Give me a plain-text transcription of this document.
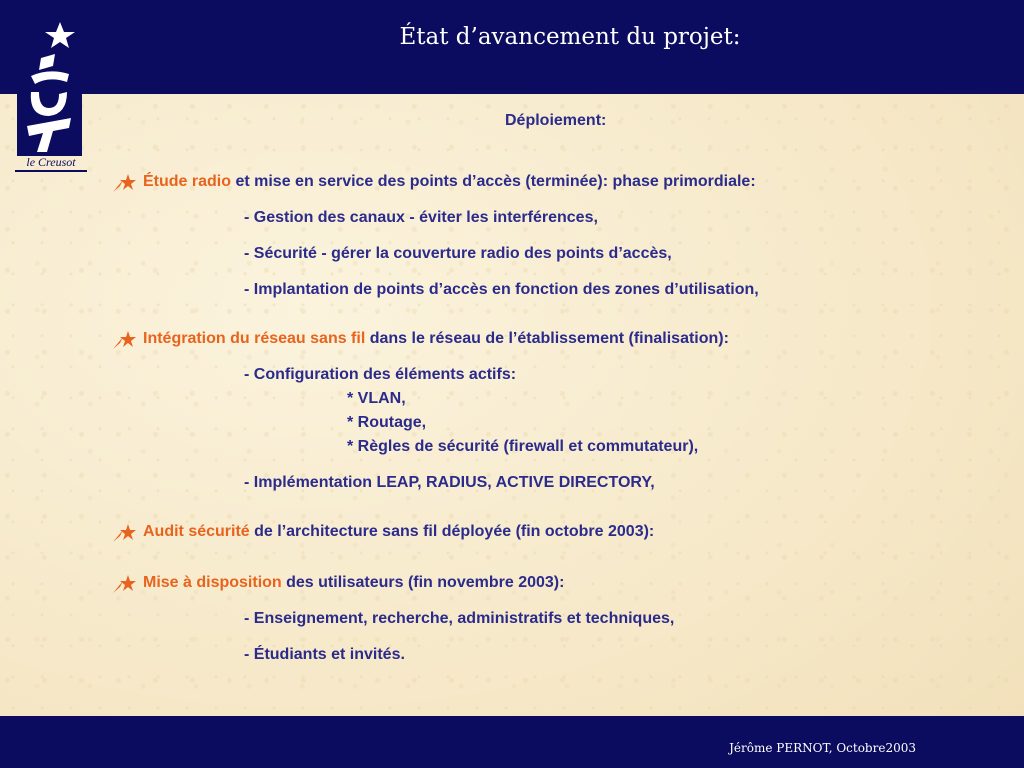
État d’avancement du projet:
le Creusot
Déploiement:
Étude radio et mise en service des points d’accès (terminée): phase primordiale:
- Gestion des canaux - éviter les interférences,
- Sécurité - gérer la couverture radio des points d’accès,
- Implantation de points d’accès en fonction des zones d’utilisation,
Intégration du réseau sans fil dans le réseau de l’établissement (finalisation):
- Configuration des éléments actifs:
* VLAN,
* Routage,
* Règles de sécurité (firewall et commutateur),
- Implémentation LEAP, RADIUS, ACTIVE DIRECTORY,
Audit sécurité de l’architecture sans fil déployée (fin octobre 2003):
Mise à disposition des utilisateurs (fin novembre 2003):
- Enseignement, recherche, administratifs et techniques,
- Étudiants et invités.
Jérôme PERNOT, Octobre2003
